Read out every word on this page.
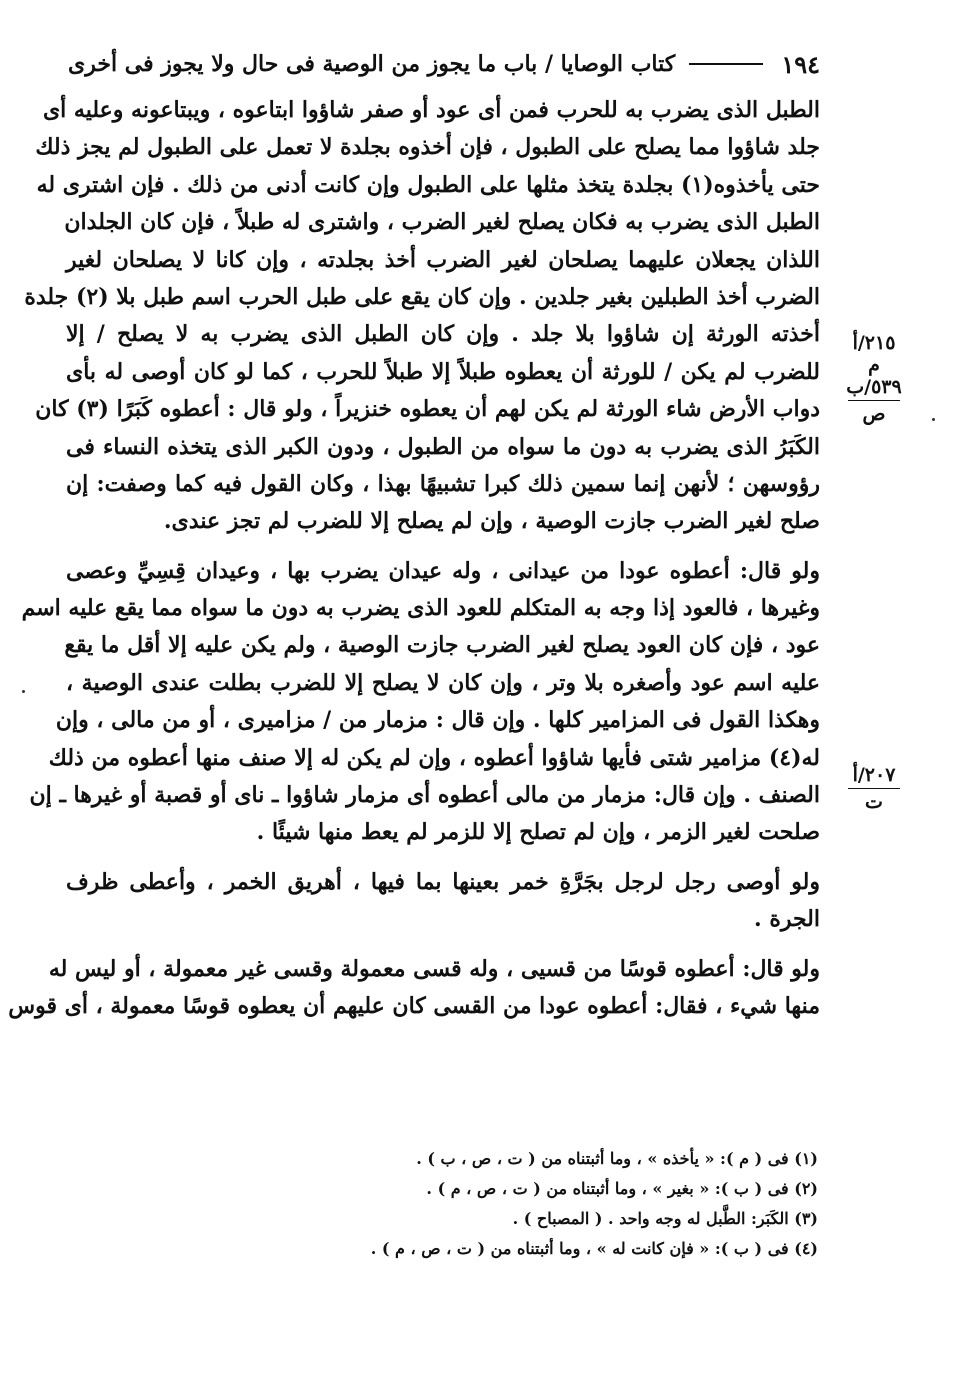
١٩٤
كتاب الوصايا / باب ما يجوز من الوصية فى حال ولا يجوز فى أخرى
الطبل الذى يضرب به للحرب فمن أى عود أو صفر شاؤوا ابتاعوه ، ويبتاعونه وعليه أى
جلد شاؤوا مما يصلح على الطبول ، فإن أخذوه بجلدة لا تعمل على الطبول لم يجز ذلك
حتى يأخذوه(١) بجلدة يتخذ مثلها على الطبول وإن كانت أدنى من ذلك . فإن اشترى له
الطبل الذى يضرب به فكان يصلح لغير الضرب ، واشترى له طبلاً ، فإن كان الجلدان
اللذان يجعلان عليهما يصلحان لغير الضرب أخذ بجلدته ، وإن كانا لا يصلحان لغير
الضرب أخذ الطبلين بغير جلدين . وإن كان يقع على طبل الحرب اسم طبل بلا (٢) جلدة
أخذته الورثة إن شاؤوا بلا جلد . وإن كان الطبل الذى يضرب به لا يصلح / إلا
للضرب لم يكن / للورثة أن يعطوه طبلاً إلا طبلاً للحرب ، كما لو كان أوصى له بأى
دواب الأرض شاء الورثة لم يكن لهم أن يعطوه خنزيراً ، ولو قال : أعطوه كَبَرًا (٣) كان
الكَبَرُ الذى يضرب به دون ما سواه من الطبول ، ودون الكبر الذى يتخذه النساء فى
رؤوسهن ؛ لأنهن إنما سمين ذلك كبرا تشبيهًا بهذا ، وكان القول فيه كما وصفت: إن
صلح لغير الضرب جازت الوصية ، وإن لم يصلح إلا للضرب لم تجز عندى.
ولو قال: أعطوه عودا من عيدانى ، وله عيدان يضرب بها ، وعيدان قِسِيِّ وعصى
وغيرها ، فالعود إذا وجه به المتكلم للعود الذى يضرب به دون ما سواه مما يقع عليه اسم
عود ، فإن كان العود يصلح لغير الضرب جازت الوصية ، ولم يكن عليه إلا أقل ما يقع
عليه اسم عود وأصغره بلا وتر ، وإن كان لا يصلح إلا للضرب بطلت عندى الوصية ،
وهكذا القول فى المزامير كلها . وإن قال : مزمار من / مزاميرى ، أو من مالى ، وإن
له(٤) مزامير شتى فأيها شاؤوا أعطوه ، وإن لم يكن له إلا صنف منها أعطوه من ذلك
الصنف . وإن قال: مزمار من مالى أعطوه أى مزمار شاؤوا ـ ناى أو قصبة أو غيرها ـ إن
صلحت لغير الزمر ، وإن لم تصلح إلا للزمر لم يعط منها شيئًا .
ولو أوصى رجل لرجل بجَرَّةِ خمر بعينها بما فيها ، أهريق الخمر ، وأعطى ظرف
الجرة .
ولو قال: أعطوه قوسًا من قسيى ، وله قسى معمولة وقسى غير معمولة ، أو ليس له
منها شيء ، فقال: أعطوه عودا من القسى كان عليهم أن يعطوه قوسًا معمولة ، أى قوس
٢١٥/أ
م
٥٣٩/ب
ص
٢٠٧/أ
ت
(١) فى ( م ): « يأخذه » ، وما أثبتناه من ( ت ، ص ، ب ) .
(٢) فى ( ب ): « بغير » ، وما أثبتناه من ( ت ، ص ، م ) .
(٣) الكَبَر: الطَّبل له وجه واحد . ( المصباح ) .
(٤) فى ( ب ): « فإن كانت له » ، وما أثبتناه من ( ت ، ص ، م ) .
